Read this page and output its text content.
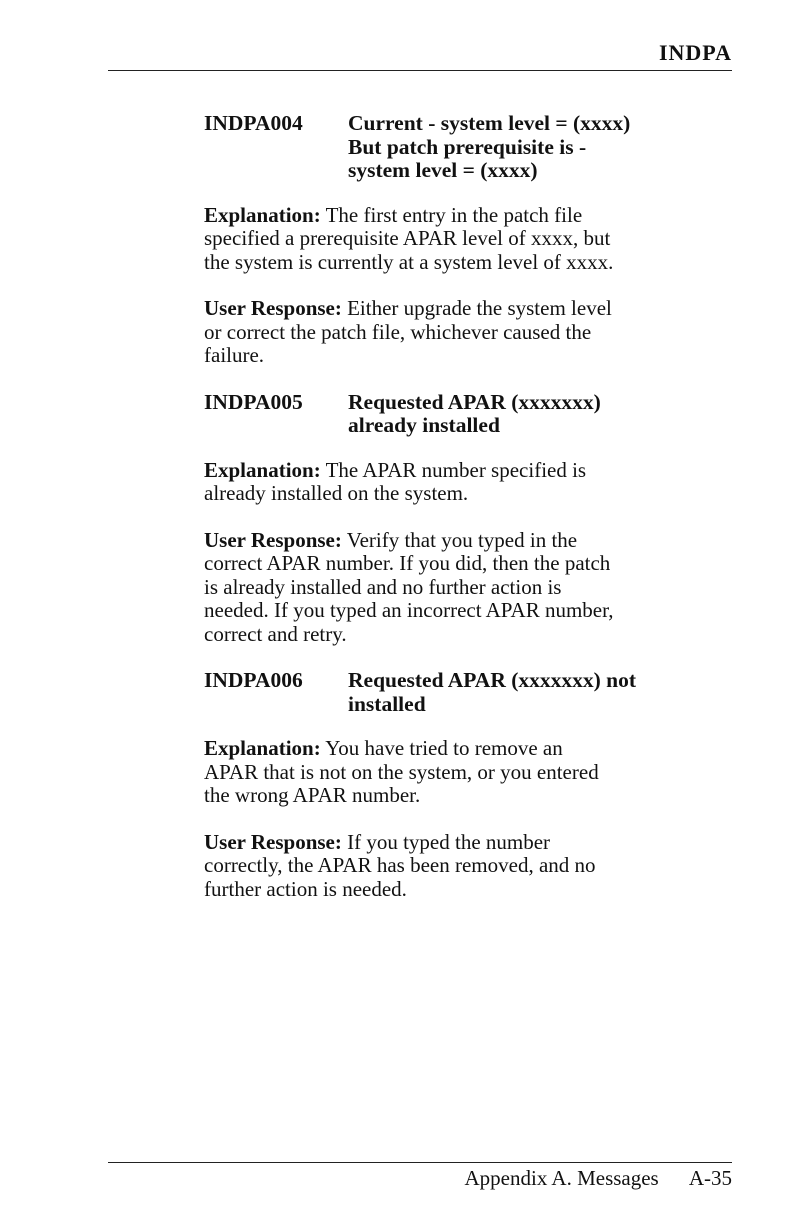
INDPA
INDPA004	Current - system level = (xxxx)
But patch prerequisite is -
system level = (xxxx)

Explanation: The first entry in the patch file
specified a prerequisite APAR level of xxxx, but
the system is currently at a system level of xxxx.

User Response: Either upgrade the system level
or correct the patch file, whichever caused the
failure.

INDPA005	Requested APAR (xxxxxxx)
already installed

Explanation: The APAR number specified is
already installed on the system.

User Response: Verify that you typed in the
correct APAR number. If you did, then the patch
is already installed and no further action is
needed. If you typed an incorrect APAR number,
correct and retry.

INDPA006	Requested APAR (xxxxxxx) not
installed

Explanation: You have tried to remove an
APAR that is not on the system, or you entered
the wrong APAR number.

User Response: If you typed the number
correctly, the APAR has been removed, and no
further action is needed.

Appendix A. Messages A-35
